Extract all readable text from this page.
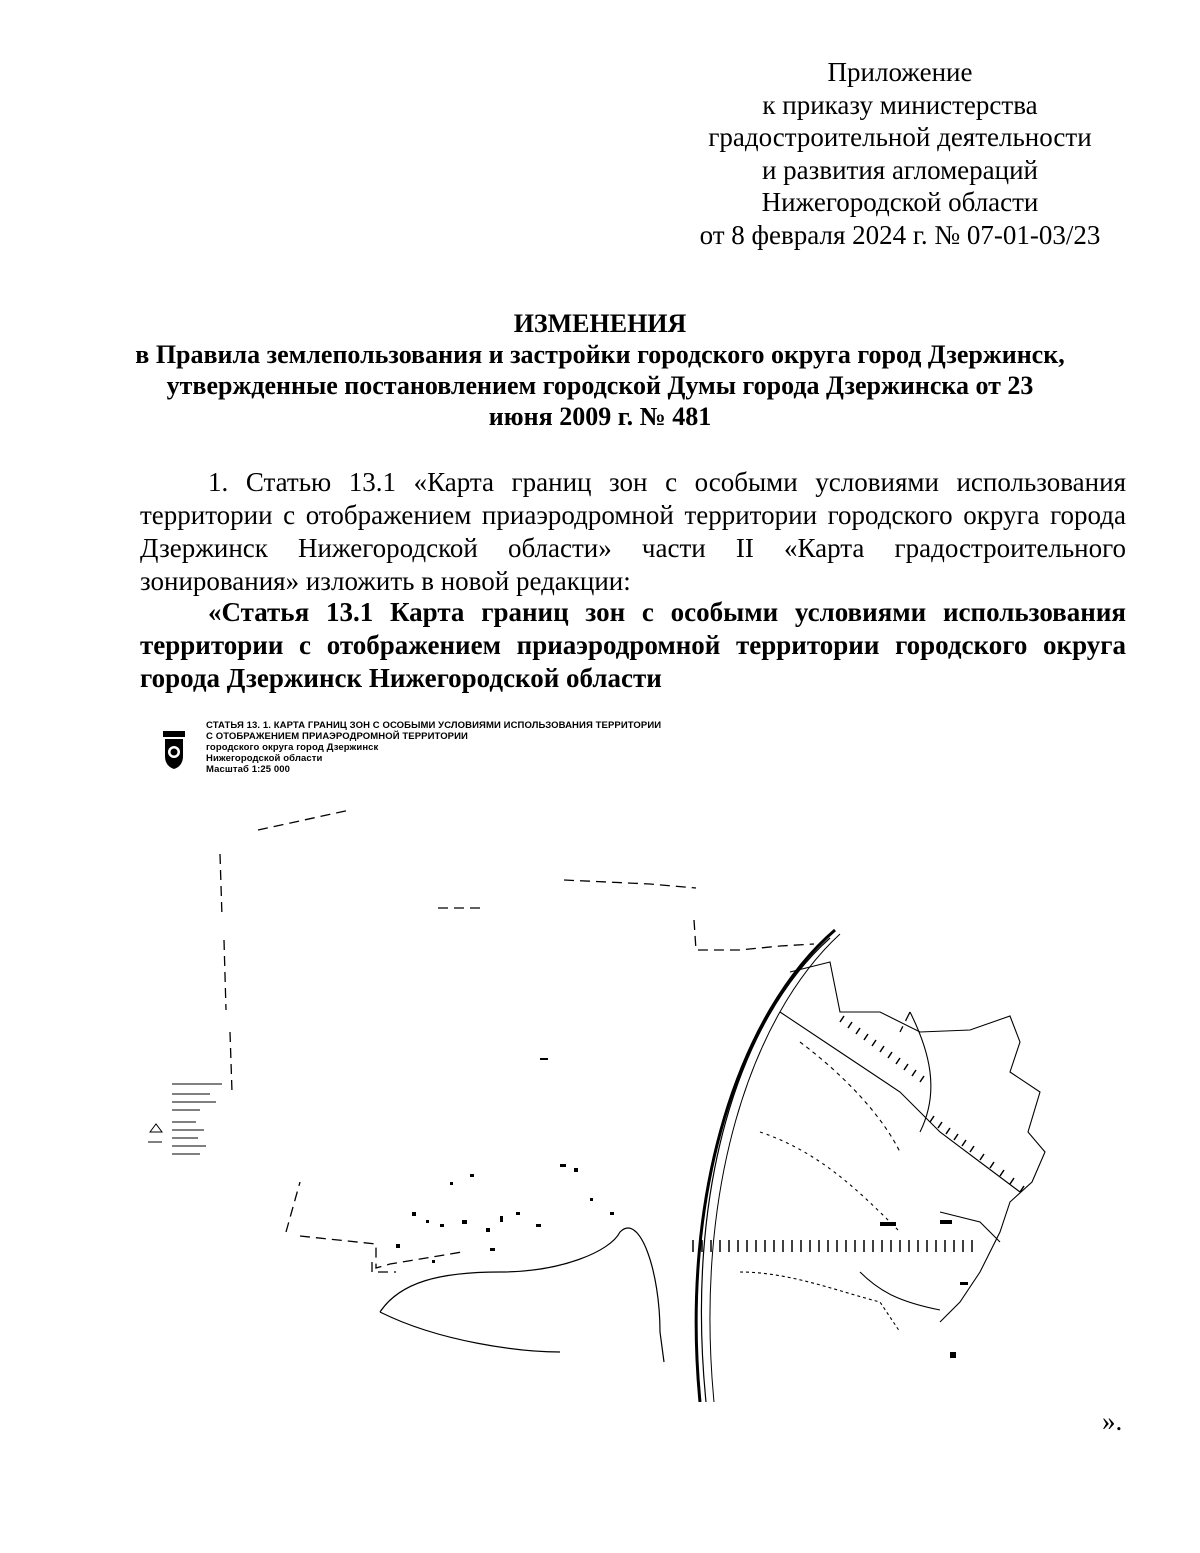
Приложение
к приказу министерства
градостроительной деятельности
и развития агломераций
Нижегородской области
от 8 февраля 2024 г. № 07-01-03/23
ИЗМЕНЕНИЯ
в Правила землепользования и застройки городского округа город Дзержинск,
утвержденные постановлением городской Думы города Дзержинска от 23
июня 2009 г. № 481
1. Статью 13.1 «Карта границ зон с особыми условиями использования
территории с отображением приаэродромной территории городского округа города
Дзержинск Нижегородской области» части II «Карта градостроительного
зонирования» изложить в новой редакции:
«Статья 13.1 Карта границ зон с особыми условиями использования
территории с отображением приаэродромной территории городского округа
города Дзержинск Нижегородской области
СТАТЬЯ 13. 1. КАРТА ГРАНИЦ ЗОН С ОСОБЫМИ УСЛОВИЯМИ ИСПОЛЬЗОВАНИЯ ТЕРРИТОРИИ
С ОТОБРАЖЕНИЕМ ПРИАЭРОДРОМНОЙ ТЕРРИТОРИИ
городского округа город Дзержинск
Нижегородской области
Масштаб 1:25 000
».
